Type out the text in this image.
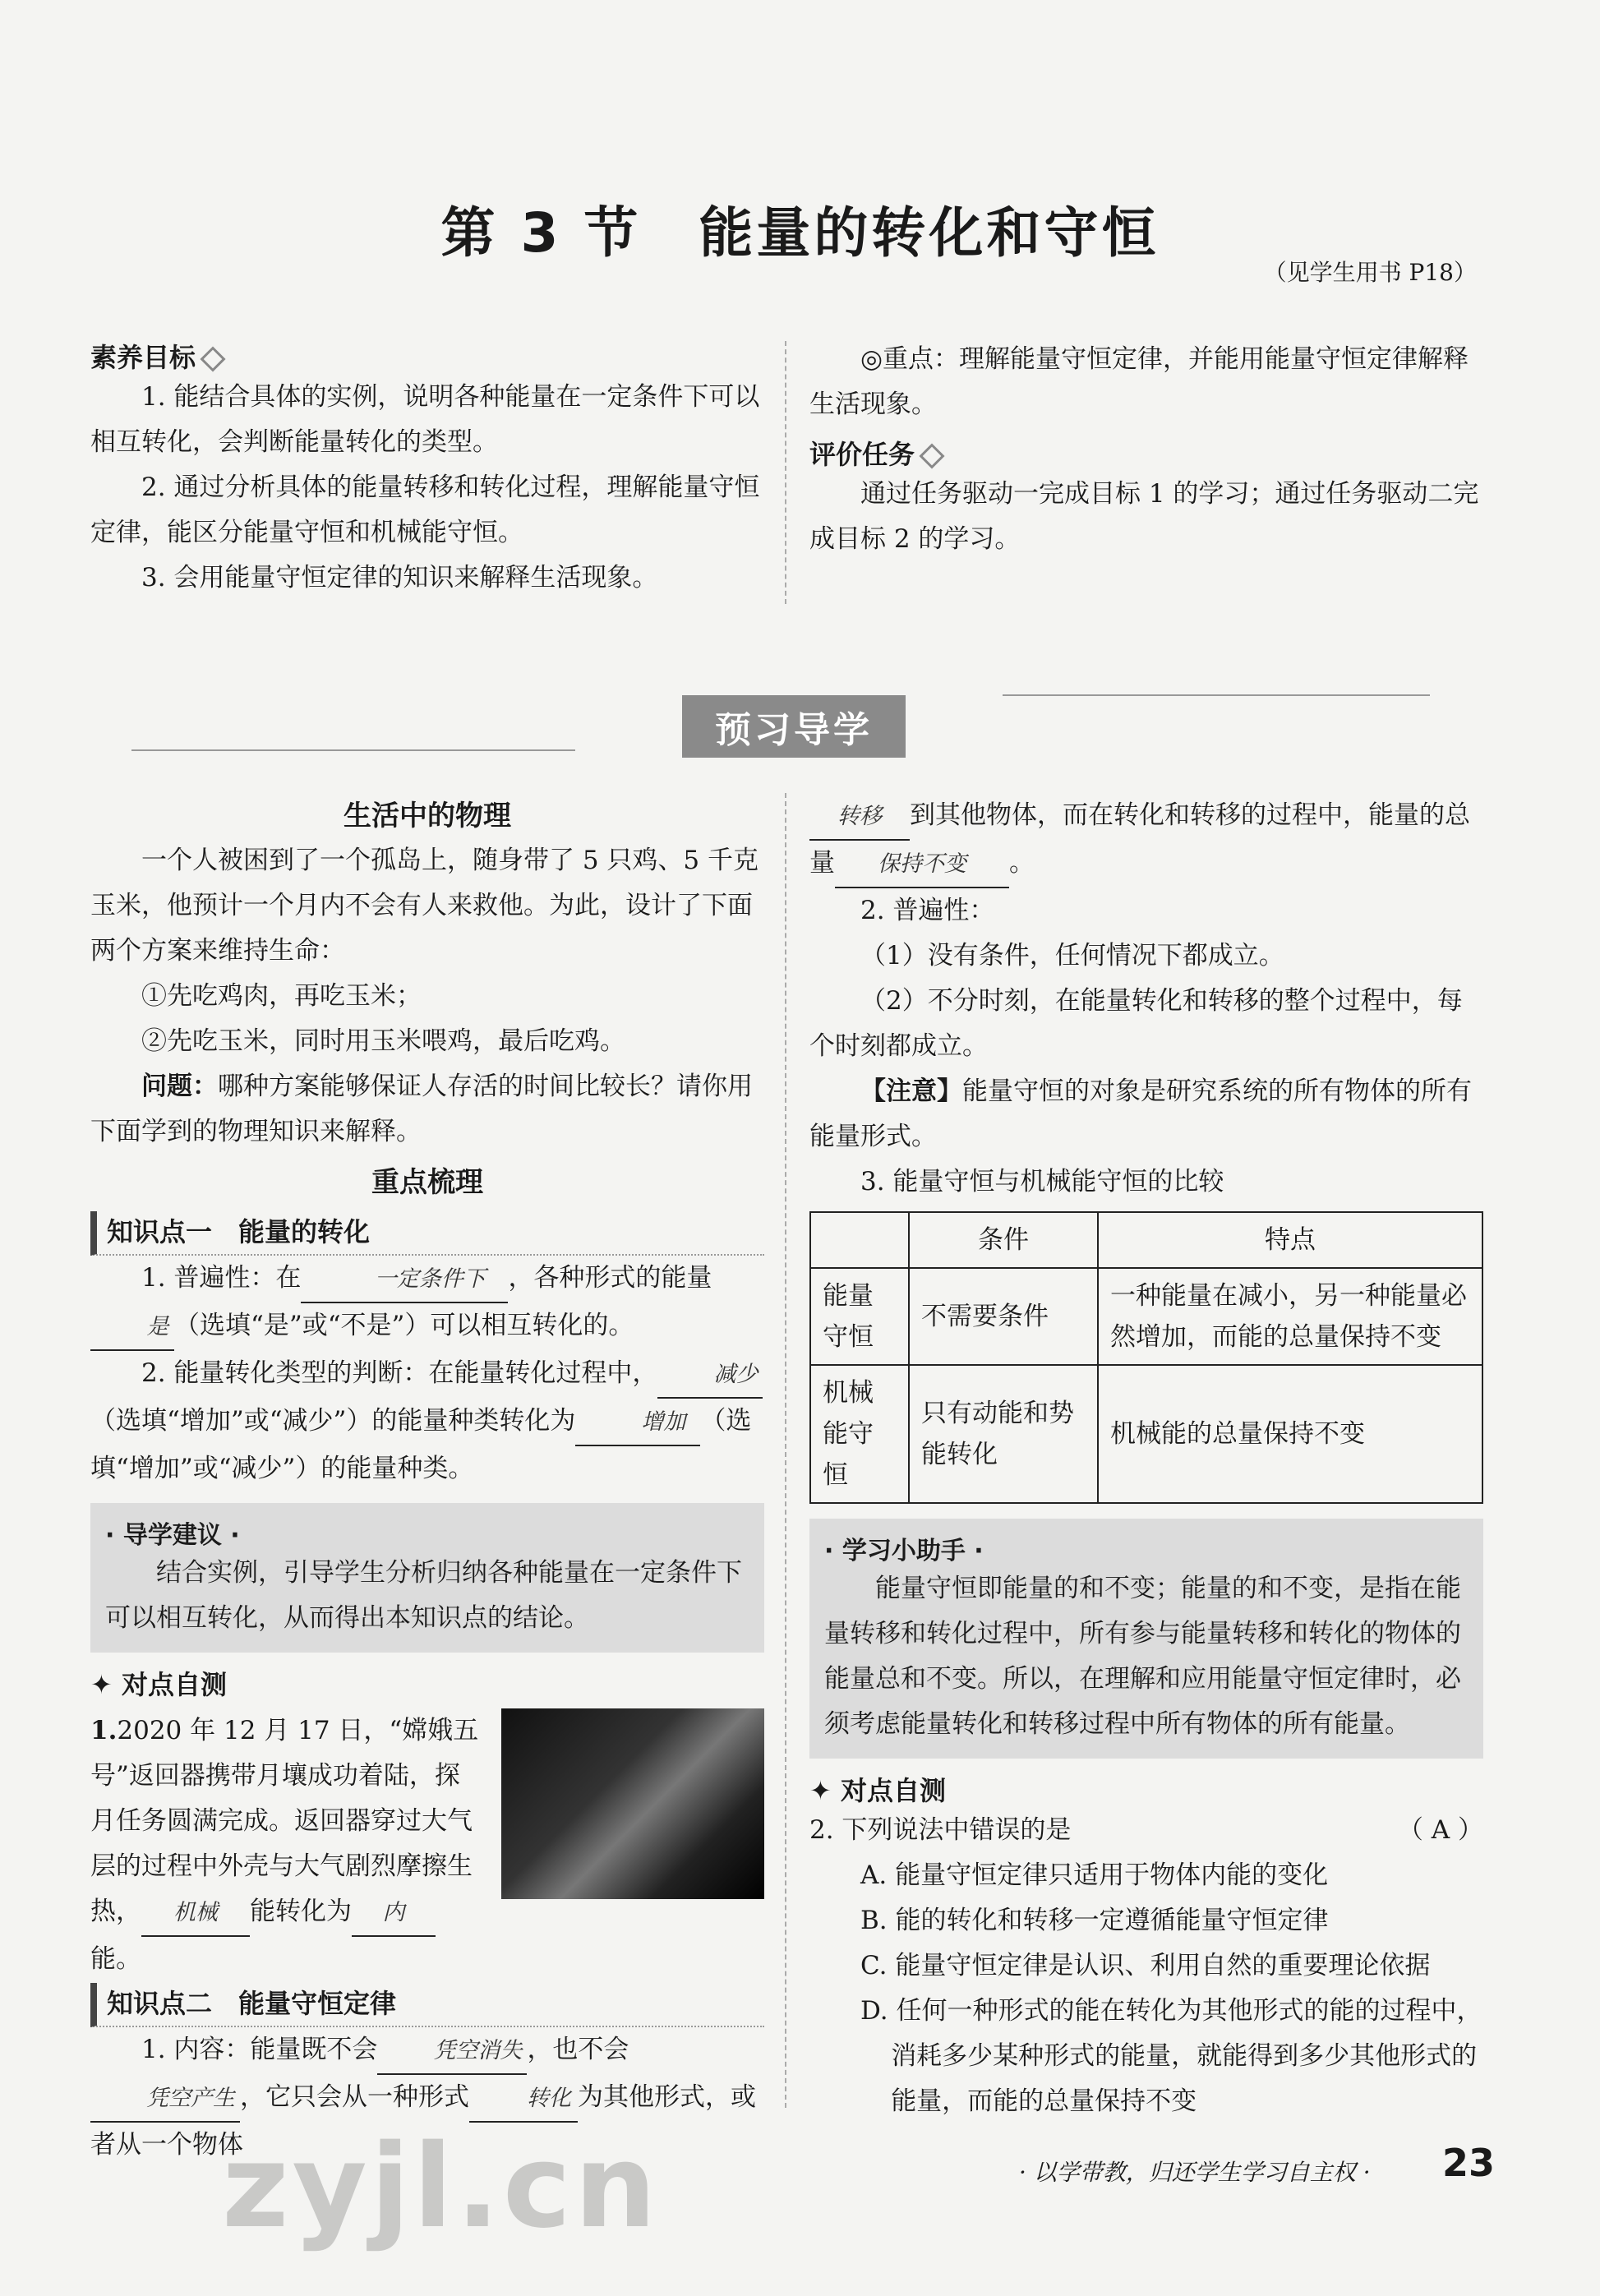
第 3 节　能量的转化和守恒
（见学生用书 P18）
素养目标
1. 能结合具体的实例，说明各种能量在一定条件下可以相互转化，会判断能量转化的类型。
2. 通过分析具体的能量转移和转化过程，理解能量守恒定律，能区分能量守恒和机械能守恒。
3. 会用能量守恒定律的知识来解释生活现象。
◎重点：理解能量守恒定律，并能用能量守恒定律解释生活现象。
评价任务
通过任务驱动一完成目标 1 的学习；通过任务驱动二完成目标 2 的学习。
预习导学
生活中的物理
一个人被困到了一个孤岛上，随身带了 5 只鸡、5 千克玉米，他预计一个月内不会有人来救他。为此，设计了下面两个方案来维持生命：
①先吃鸡肉，再吃玉米；
②先吃玉米，同时用玉米喂鸡，最后吃鸡。
问题：哪种方案能够保证人存活的时间比较长？请你用下面学到的物理知识来解释。
重点梳理
知识点一　能量的转化
1. 普遍性：在	一定条件下 ，各种形式的能量是 （选填“是”或“不是”）可以相互转化的。
2. 能量转化类型的判断：在能量转化过程中，	减少（选填“增加”或“减少”）的能量种类转化为	增加 （选填“增加”或“减少”）的能量种类。
· 导学建议 ·
结合实例，引导学生分析归纳各种能量在一定条件下可以相互转化，从而得出本知识点的结论。
✦ 对点自测
1.2020 年 12 月 17 日，“嫦娥五号”返回器携带月壤成功着陆，探月任务圆满完成。返回器穿过大气层的过程中外壳与大气剧烈摩擦生热， 机械 能转化为 内能。
知识点二　能量守恒定律
1. 内容：能量既不会	凭空消失 ，也不会凭空产生 ，它只会从一种形式	转化 为其他形式，或者从一个物体
转移 到其他物体，而在转化和转移的过程中，能量的总量 保持不变 。
2. 普遍性：
（1）没有条件，任何情况下都成立。
（2）不分时刻，在能量转化和转移的整个过程中，每个时刻都成立。
【注意】能量守恒的对象是研究系统的所有物体的所有能量形式。
3. 能量守恒与机械能守恒的比较
	条件	特点
能量守恒	不需要条件	一种能量在减小，另一种能量必然增加，而能的总量保持不变
机械能守恒	只有动能和势能转化	机械能的总量保持不变
· 学习小助手 ·
能量守恒即能量的和不变；能量的和不变，是指在能量转移和转化过程中，所有参与能量转移和转化的物体的能量总和不变。所以，在理解和应用能量守恒定律时，必须考虑能量转化和转移过程中所有物体的所有能量。
✦ 对点自测
2. 下列说法中错误的是	（ A ）
A. 能量守恒定律只适用于物体内能的变化
B. 能的转化和转移一定遵循能量守恒定律
C. 能量守恒定律是认识、利用自然的重要理论依据
D. 任何一种形式的能在转化为其他形式的能的过程中，消耗多少某种形式的能量，就能得到多少其他形式的能量，而能的总量保持不变
zyjl.cn	· 以学带教，归还学生学习自主权 · 23
